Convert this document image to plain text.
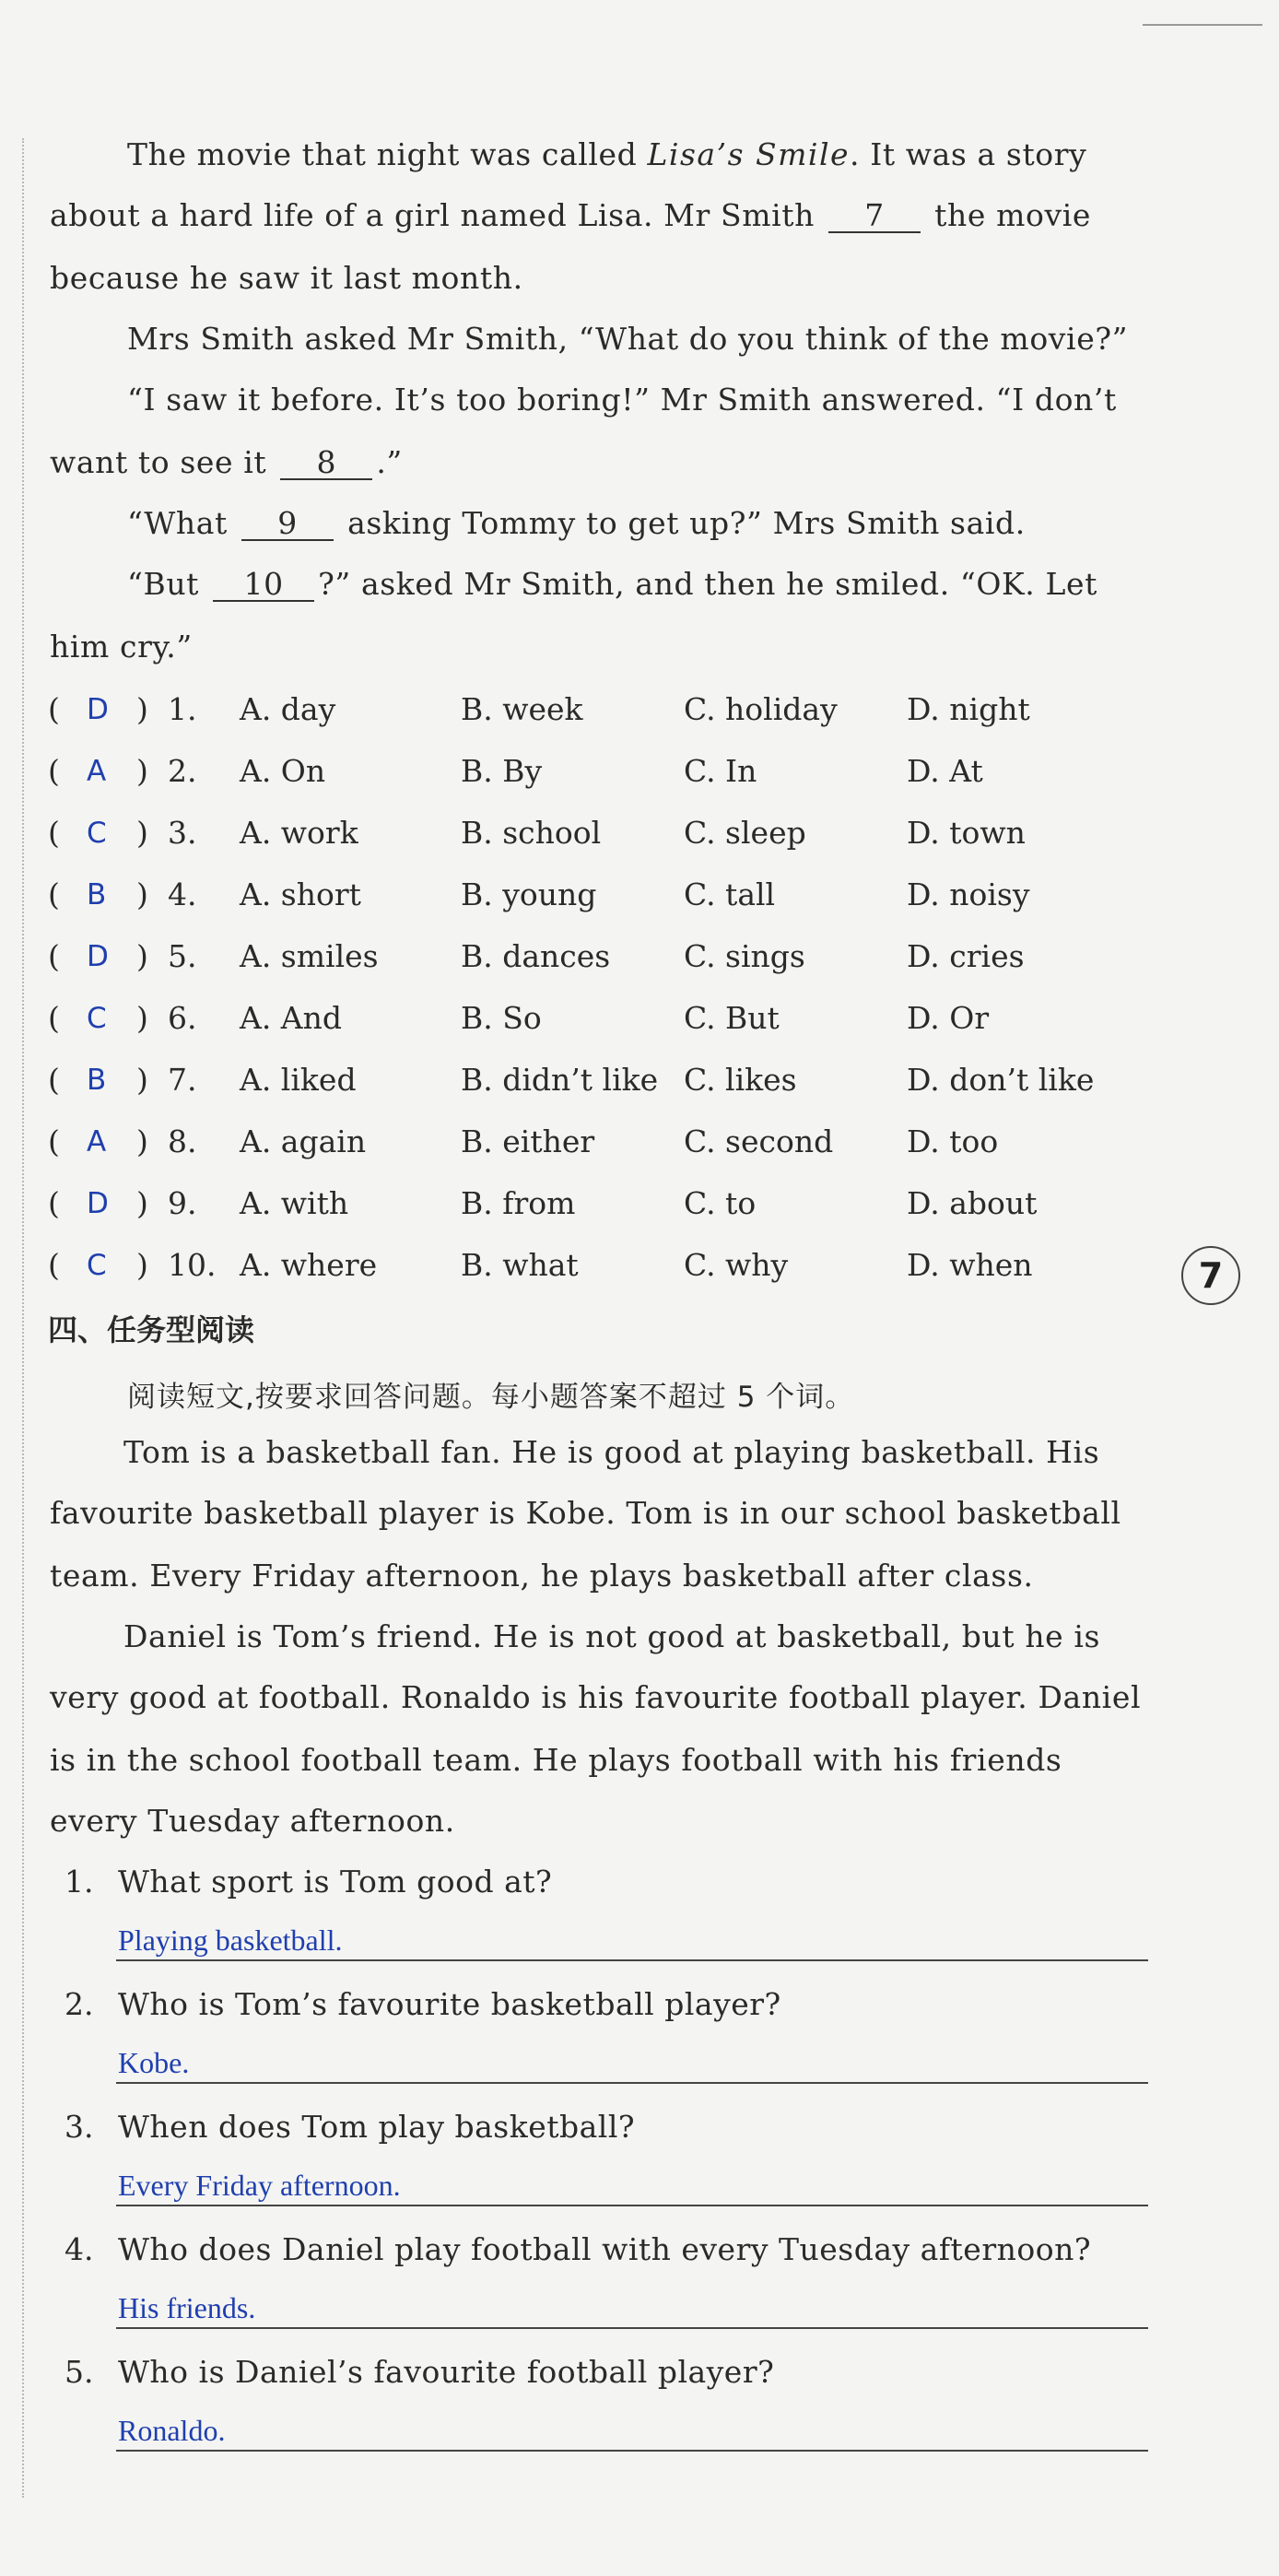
The movie that night was called Lisa’s Smile. It was a story
about a hard life of a girl named Lisa. Mr Smith 7 the movie
because he saw it last month.
Mrs Smith asked Mr Smith, “What do you think of the movie?”
“I saw it before. It’s too boring!” Mr Smith answered. “I don’t
want to see it 8 .”
“What 9 asking Tommy to get up?” Mrs Smith said.
“But 10 ?” asked Mr Smith, and then he smiled. “OK. Let
him cry.”
( D ) 1. A. day	B. week	C. holiday D. night
( A ) 2. A. On	B. By	C. In	D. At
( C ) 3. A. work	B. school	C. sleep	D. town
( B ) 4. A. short	B. young	C. tall	D. noisy
( D ) 5. A. smiles	B. dances C. sings	D. cries
( C ) 6. A. And	B. So	C. But	D. Or
( B ) 7. A. liked	B. didn’t like C. likes	D. don’t like
( A ) 8. A. again	B. either	C. second D. too
( D ) 9. A. with	B. from	C. to	D. about
( C ) 10. A. where	B. what	C. why	D. when	7
四、任务型阅读
阅读短文,按要求回答问题。每小题答案不超过 5 个词。
Tom is a basketball fan. He is good at playing basketball. His
favourite basketball player is Kobe. Tom is in our school basketball
team. Every Friday afternoon, he plays basketball after class.
Daniel is Tom’s friend. He is not good at basketball, but he is
very good at football. Ronaldo is his favourite football player. Daniel
is in the school football team. He plays football with his friends
every Tuesday afternoon.
1. What sport is Tom good at?
Playing basketball.
2. Who is Tom’s favourite basketball player?
Kobe.
3. When does Tom play basketball?
Every Friday afternoon.
4. Who does Daniel play football with every Tuesday afternoon?
His friends.
5. Who is Daniel’s favourite football player?
Ronaldo.
